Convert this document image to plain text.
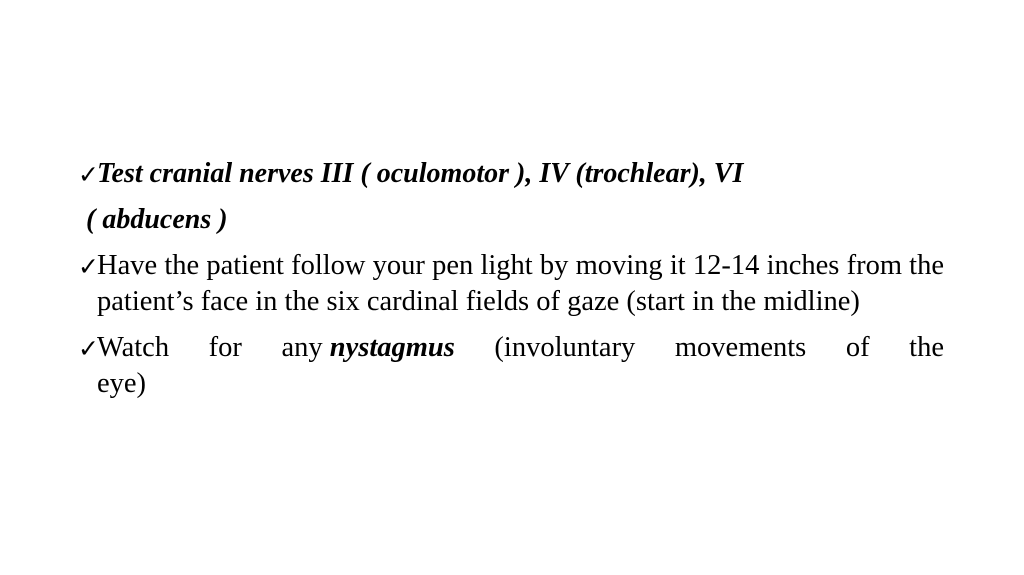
✓
Test cranial nerves III ( oculomotor ), IV (trochlear), VI
( abducens )
✓
Have the patient follow your pen light by moving it 12-14 inches from the patient’s face in the six cardinal fields of gaze (start in the midline)
✓
Watch for any nystagmus (involuntary movements of the
eye)
